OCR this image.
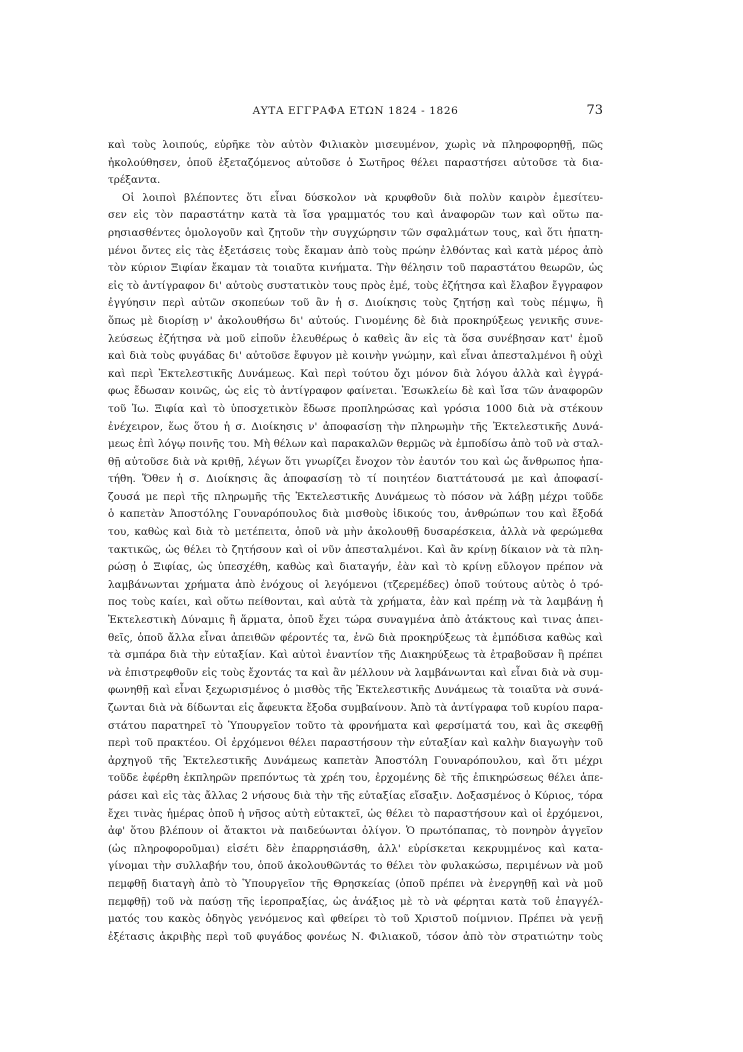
ΑΥΤΑ ΕΓΓΡΑΦΑ ΕΤΩΝ 1824 - 1826	73
καὶ τοὺς λοιπούς, εὑρῆκε τὸν αὐτὸν Φιλιακὸν μισευμένον, χωρὶς νὰ πληροφορηθῇ, πῶς
ἠκολούθησεν, ὁποῦ ἐξεταζόμενος αὐτοῦσε ὁ Σωτῆρος θέλει παραστήσει αὐτοῦσε τὰ δια-
τρέξαντα.
Οἱ λοιποὶ βλέποντες ὅτι εἶναι δύσκολον νὰ κρυφθοῦν διὰ πολὺν καιρὸν ἐμεσίτευ-
σεν εἰς τὸν παραστάτην κατὰ τὰ ἴσα γραμματός του καὶ ἀναφορῶν των καὶ οὕτω πα-
ρησιασθέντες ὁμολογοῦν καὶ ζητοῦν τὴν συγχώρησιν τῶν σφαλμάτων τους, καὶ ὅτι ἠπατη-
μένοι ὄντες εἰς τὰς ἐξετάσεις τοὺς ἔκαμαν ἀπὸ τοὺς πρώην ἐλθόντας καὶ κατὰ μέρος ἀπὸ
τὸν κύριον Ξιφίαν ἔκαμαν τὰ τοιαῦτα κινήματα. Τὴν θέλησιν τοῦ παραστάτου θεωρῶν, ὡς
εἰς τὸ ἀντίγραφον δι' αὐτοὺς συστατικὸν τους πρὸς ἐμέ, τοὺς ἐζήτησα καὶ ἔλαβον ἔγγραφον
ἐγγύησιν περὶ αὐτῶν σκοπεύων τοῦ ἂν ἡ σ. Διοίκησις τοὺς ζητήσῃ καὶ τοὺς πέμψω, ἢ
ὅπως μὲ διορίσῃ ν' ἀκολουθήσω δι' αὐτούς. Γινομένης δὲ διὰ προκηρύξεως γενικῆς συνε-
λεύσεως ἐζήτησα νὰ μοῦ εἰποῦν ἐλευθέρως ὁ καθεὶς ἂν εἰς τὰ ὅσα συνέβησαν κατ' ἐμοῦ
καὶ διὰ τοὺς φυγάδας δι' αὐτοῦσε ἔφυγον μὲ κοινὴν γνώμην, καὶ εἶναι ἀπεσταλμένοι ἢ οὐχὶ
καὶ περὶ Ἐκτελεστικῆς Δυνάμεως. Καὶ περὶ τούτου ὄχι μόνον διὰ λόγου ἀλλὰ καὶ ἐγγρά-
φως ἔδωσαν κοινῶς, ὡς εἰς τὸ ἀντίγραφον φαίνεται. Ἐσωκλείω δὲ καὶ ἴσα τῶν ἀναφορῶν
τοῦ Ἰω. Ξιφία καὶ τὸ ὑποσχετικὸν ἔδωσε προπληρώσας καὶ γρόσια 1000 διὰ νὰ στέκουν
ἐνέχειρον, ἕως ὅτου ἡ σ. Διοίκησις ν' ἀποφασίσῃ τὴν πληρωμὴν τῆς Ἐκτελεστικῆς Δυνά-
μεως ἐπὶ λόγῳ ποινῆς του. Μὴ θέλων καὶ παρακαλῶν θερμῶς νὰ ἐμποδίσω ἀπὸ τοῦ νὰ σταλ-
θῇ αὐτοῦσε διὰ νὰ κριθῇ, λέγων ὅτι γνωρίζει ἔνοχον τὸν ἑαυτόν του καὶ ὡς ἄνθρωπος ἠπα-
τήθη. Ὅθεν ἡ σ. Διοίκησις ἂς ἀποφασίσῃ τὸ τί ποιητέον διαττάτουσά με καὶ ἀποφασί-
ζουσά με περὶ τῆς πληρωμῆς τῆς Ἐκτελεστικῆς Δυνάμεως τὸ πόσον νὰ λάβῃ μέχρι τοῦδε
ὁ καπετὰν Ἀποστόλης Γουναρόπουλος διὰ μισθοὺς ἰδικούς του, ἀνθρώπων του καὶ ἔξοδά
του, καθὼς καὶ διὰ τὸ μετέπειτα, ὁποῦ νὰ μὴν ἀκολουθῇ δυσαρέσκεια, ἀλλὰ νὰ φερώμεθα
τακτικῶς, ὡς θέλει τὸ ζητήσουν καὶ οἱ νῦν ἀπεσταλμένοι. Καὶ ἂν κρίνῃ δίκαιον νὰ τὰ πλη-
ρώσῃ ὁ Ξιφίας, ὡς ὑπεσχέθη, καθὼς καὶ διαταγήν, ἐὰν καὶ τὸ κρίνῃ εὔλογον πρέπον νὰ
λαμβάνωνται χρήματα ἀπὸ ἐνόχους οἱ λεγόμενοι (τζερεμέδες) ὁποῦ τούτους αὐτὸς ὁ τρό-
πος τοὺς καίει, καὶ οὕτω πείθονται, καὶ αὐτὰ τὰ χρήματα, ἐὰν καὶ πρέπῃ νὰ τὰ λαμβάνῃ ἡ
Ἐκτελεστικὴ Δύναμις ἢ ἅρματα, ὁποῦ ἔχει τώρα συναγμένα ἀπὸ ἀτάκτους καὶ τινας ἀπει-
θεῖς, ὁποῦ ἄλλα εἶναι ἀπειθῶν φέροντές τα, ἐνῶ διὰ προκηρύξεως τὰ ἐμπόδισα καθὼς καὶ
τὰ σμπάρα διὰ τὴν εὐταξίαν. Καὶ αὐτοὶ ἐναντίον τῆς Διακηρύξεως τὰ ἐτραβοῦσαν ἢ πρέπει
νὰ ἐπιστρεφθοῦν εἰς τοὺς ἔχοντάς τα καὶ ἂν μέλλουν νὰ λαμβάνωνται καὶ εἶναι διὰ νὰ συμ-
φωνηθῇ καὶ εἶναι ξεχωρισμένος ὁ μισθὸς τῆς Ἐκτελεστικῆς Δυνάμεως τὰ τοιαῦτα νὰ συνά-
ζωνται διὰ νὰ δίδωνται εἰς ἄφευκτα ἔξοδα συμβαίνουν. Ἀπὸ τὰ ἀντίγραφα τοῦ κυρίου παρα-
στάτου παρατηρεῖ τὸ Ὑπουργεῖον τοῦτο τὰ φρονήματα καὶ φερσίματά του, καὶ ἂς σκεφθῇ
περὶ τοῦ πρακτέου. Οἱ ἐρχόμενοι θέλει παραστήσουν τὴν εὐταξίαν καὶ καλὴν διαγωγὴν τοῦ
ἀρχηγοῦ τῆς Ἐκτελεστικῆς Δυνάμεως καπετὰν Ἀποστόλη Γουναρόπουλου, καὶ ὅτι μέχρι
τοῦδε ἐφέρθη ἐκπληρῶν πρεπόντως τὰ χρέη του, ἐρχομένης δὲ τῆς ἐπικηρώσεως θέλει ἀπε-
ράσει καὶ εἰς τὰς ἄλλας 2 νήσους διὰ τὴν τῆς εὐταξίας εἴσαξιν. Δοξασμένος ὁ Κύριος, τόρα
ἔχει τινὰς ἡμέρας ὁποῦ ἡ νῆσος αὐτὴ εὐτακτεῖ, ὡς θέλει τὸ παραστήσουν καὶ οἱ ἐρχόμενοι,
ἀφ' ὅτου βλέπουν οἱ ἄτακτοι νὰ παιδεύωνται ὀλίγον. Ὁ πρωτόπαπας, τὸ πονηρὸν ἀγγεῖον
(ὡς πληροφοροῦμαι) εἰσέτι δὲν ἐπαρρησιάσθη, ἀλλ' εὑρίσκεται κεκρυμμένος καὶ κατα-
γίνομαι τὴν συλλαβήν του, ὁποῦ ἀκολουθῶντάς το θέλει τὸν φυλακώσω, περιμένων νὰ μοῦ
πεμφθῇ διαταγὴ ἀπὸ τὸ Ὑπουργεῖον τῆς Θρησκείας (ὁποῦ πρέπει νὰ ἐνεργηθῇ καὶ νὰ μοῦ
πεμφθῇ) τοῦ νὰ παύσῃ τῆς ἱεροπραξίας, ὡς ἀνάξιος μὲ τὸ νὰ φέρηται κατὰ τοῦ ἐπαγγέλ-
ματός του κακὸς ὁδηγὸς γενόμενος καὶ φθείρει τὸ τοῦ Χριστοῦ ποίμνιον. Πρέπει νὰ γενῇ
ἐξέτασις ἀκριβὴς περὶ τοῦ φυγάδος φονέως Ν. Φιλιακοῦ, τόσον ἀπὸ τὸν στρατιώτην τοὺς
